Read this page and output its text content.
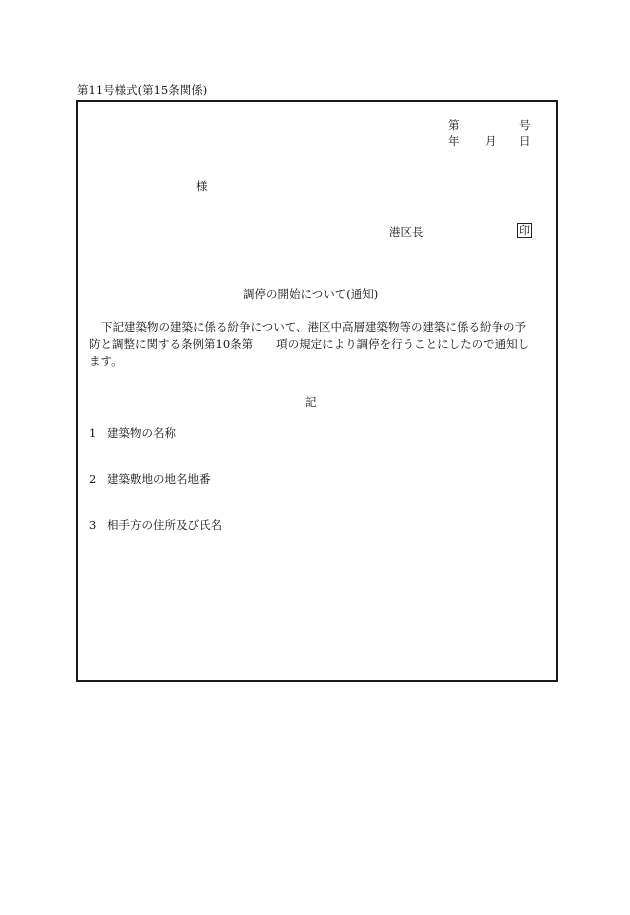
第11号様式(第15条関係)
第	号
年 月 日
様
港区長	印
調停の開始について(通知)
下記建築物の建築に係る紛争について、港区中高層建築物等の建築に係る紛争の予
防と調整に関する条例第10条第　　項の規定により調停を行うことにしたので通知し
ます。
記
1 建築物の名称
2 建築敷地の地名地番
3 相手方の住所及び氏名
